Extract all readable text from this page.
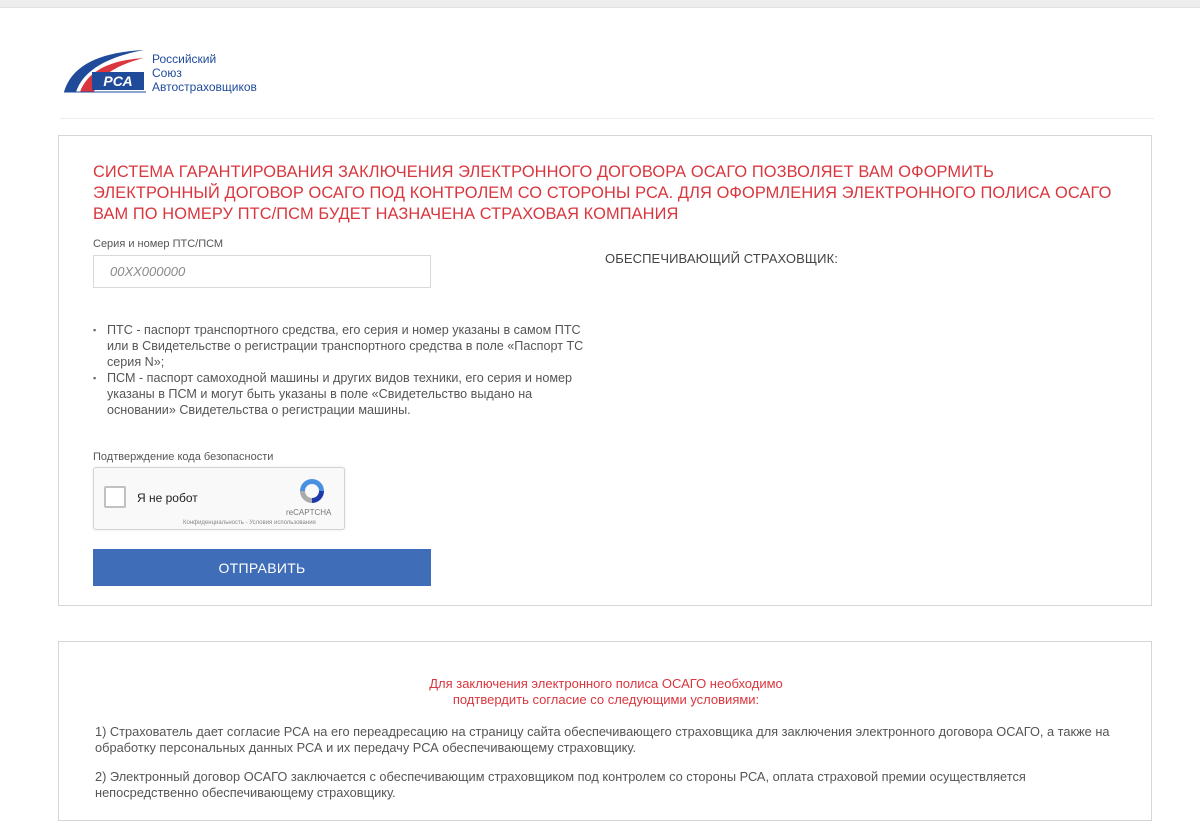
РСА
Российский
Союз
Автостраховщиков
СИСТЕМА ГАРАНТИРОВАНИЯ ЗАКЛЮЧЕНИЯ ЭЛЕКТРОННОГО ДОГОВОРА ОСАГО ПОЗВОЛЯЕТ ВАМ ОФОРМИТЬ ЭЛЕКТРОННЫЙ ДОГОВОР ОСАГО ПОД КОНТРОЛЕМ СО СТОРОНЫ РСА. ДЛЯ ОФОРМЛЕНИЯ ЭЛЕКТРОННОГО ПОЛИСА ОСАГО ВАМ ПО НОМЕРУ ПТС/ПСМ БУДЕТ НАЗНАЧЕНА СТРАХОВАЯ КОМПАНИЯ
Серия и номер ПТС/ПСМ
00XX000000
ОБЕСПЕЧИВАЮЩИЙ СТРАХОВЩИК:
▪ ПТС - паспорт транспортного средства, его серия и номер указаны в самом ПТС или в Свидетельстве о регистрации транспортного средства в поле «Паспорт ТС серия N»;
▪ ПСМ - паспорт самоходной машины и других видов техники, его серия и номер указаны в ПСМ и могут быть указаны в поле «Свидетельство выдано на основании» Свидетельства о регистрации машины.
Подтверждение кода безопасности
Я не робот
reCAPTCHA
Конфиденциальность - Условия использования
ОТПРАВИТЬ
Для заключения электронного полиса ОСАГО необходимо
подтвердить согласие со следующими условиями:
1) Страхователь дает согласие РСА на его переадресацию на страницу сайта обеспечивающего страховщика для заключения электронного договора ОСАГО, а также на обработку персональных данных РСА и их передачу РСА обеспечивающему страховщику.
2) Электронный договор ОСАГО заключается с обеспечивающим страховщиком под контролем со стороны РСА, оплата страховой премии осуществляется непосредственно обеспечивающему страховщику.
